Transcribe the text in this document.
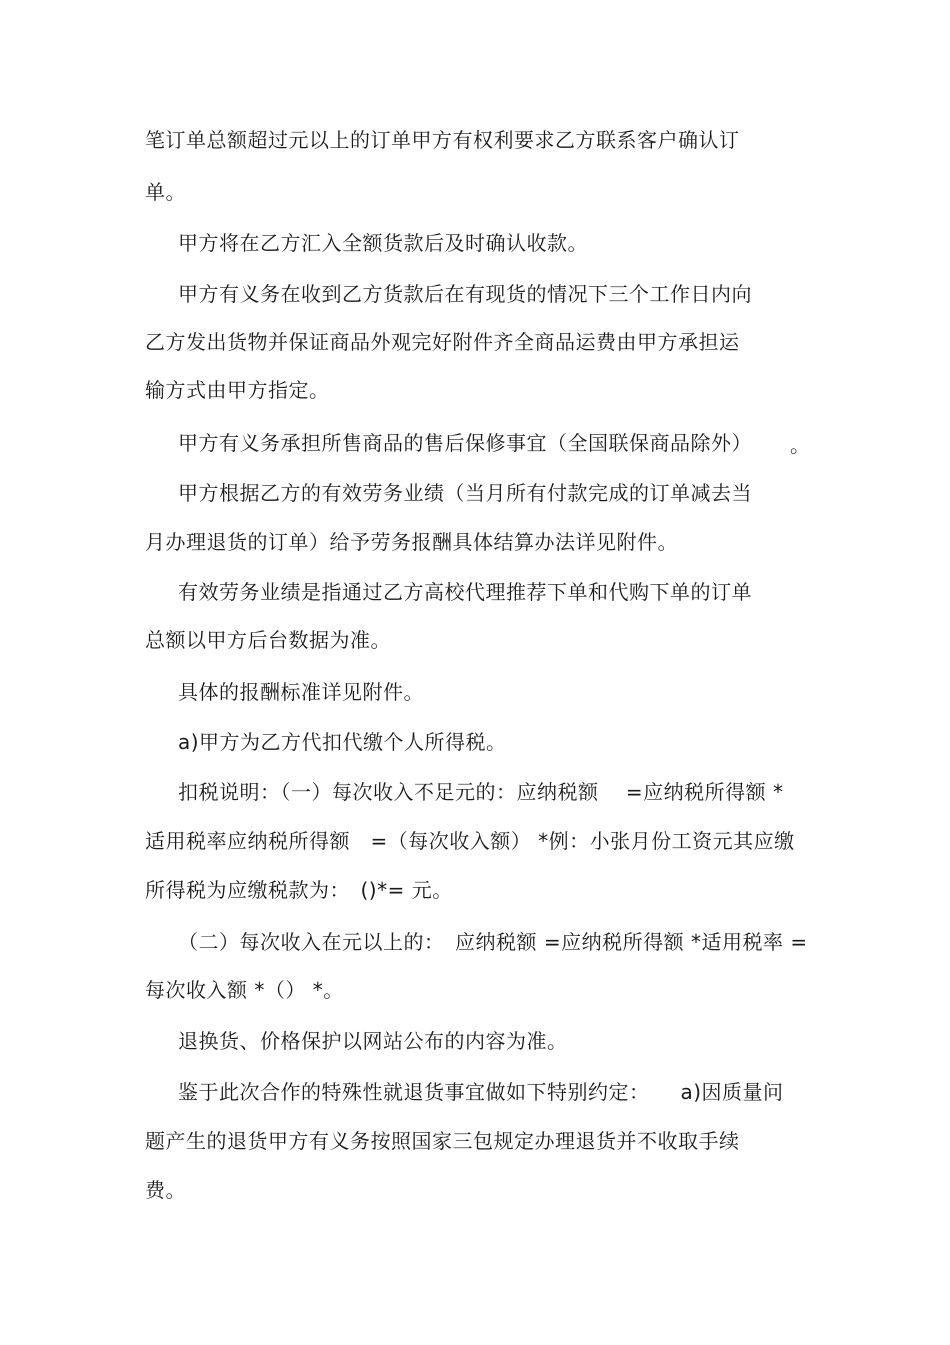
笔订单总额超过元以上的订单甲方有权利要求乙方联系客户确认订
单。
甲方将在乙方汇入全额货款后及时确认收款。
甲方有义务在收到乙方货款后在有现货的情况下三个工作日内向
乙方发出货物并保证商品外观完好附件齐全商品运费由甲方承担运
输方式由甲方指定。
甲方有义务承担所售商品的售后保修事宜（全国联保商品除外） 。
甲方根据乙方的有效劳务业绩（当月所有付款完成的订单减去当
月办理退货的订单）给予劳务报酬具体结算办法详见附件。
有效劳务业绩是指通过乙方高校代理推荐下单和代购下单的订单
总额以甲方后台数据为准。
具体的报酬标准详见附件。
a)甲方为乙方代扣代缴个人所得税。
扣税说明：（一）每次收入不足元的：应纳税额　 =应纳税所得额 *
适用税率应纳税所得额　=（每次收入额） *例：小张月份工资元其应缴
所得税为应缴税款为：　()*= 元。
（二）每次收入在元以上的：　应纳税额 =应纳税所得额 *适用税率 =
每次收入额 *（） *。
退换货、价格保护以网站公布的内容为准。
鉴于此次合作的特殊性就退货事宜做如下特别约定：　　a)因质量问
题产生的退货甲方有义务按照国家三包规定办理退货并不收取手续
费。
